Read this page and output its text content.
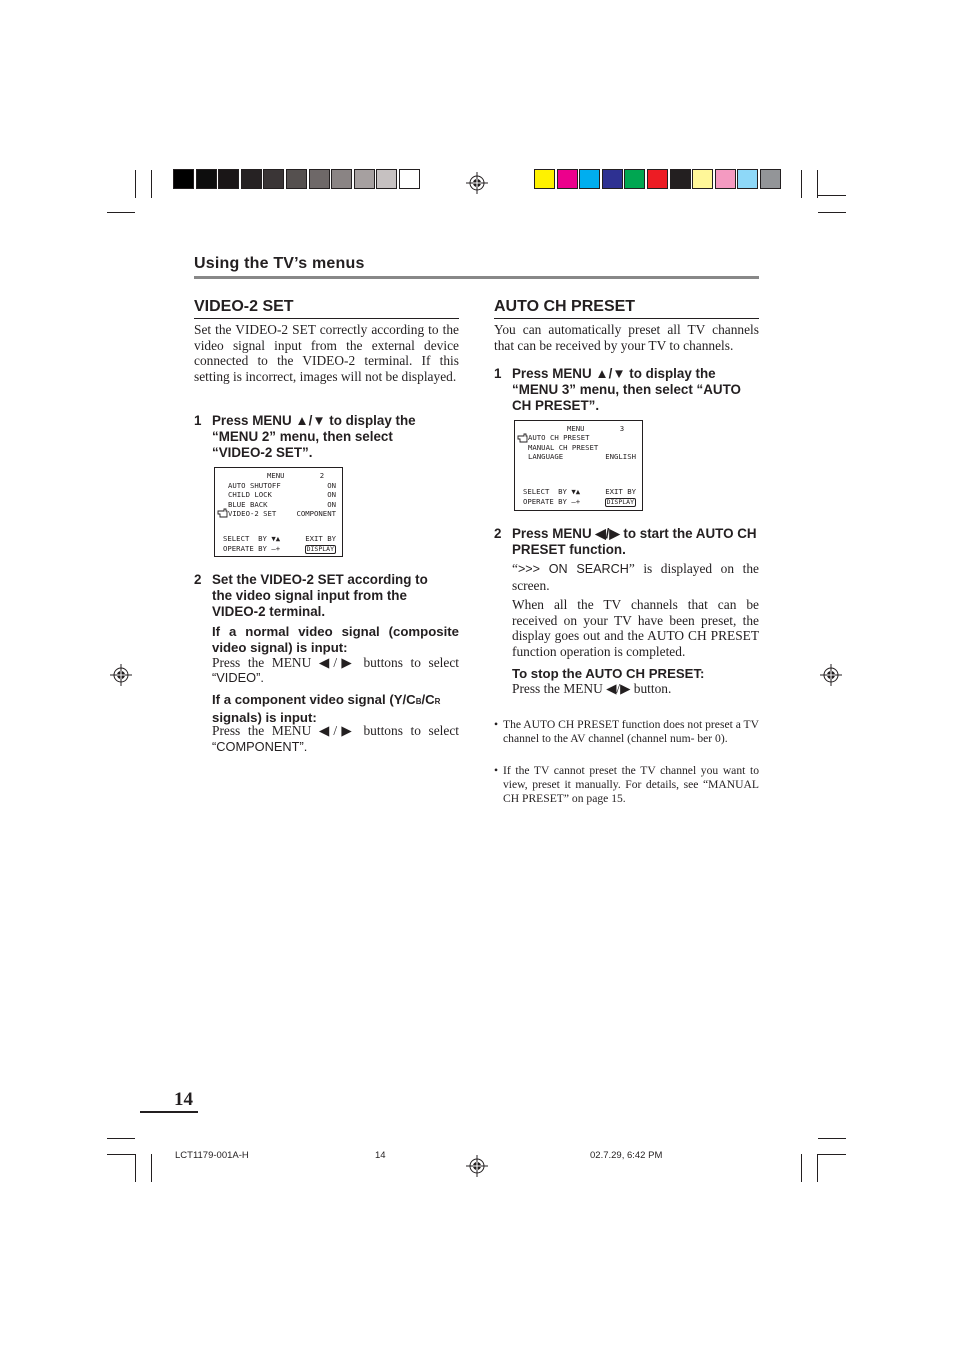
Using the TV’s menus
VIDEO-2 SET
Set the VIDEO-2 SET correctly according to the video signal input from the external device connected to the VIDEO-2 terminal. If this setting is incorrect, images will not be displayed.
1 Press MENU ▲/▼ to display the “MENU 2” menu, then select “VIDEO-2 SET”.
MENU        2
AUTO SHUTOFF	ON
CHILD LOCK	ON
BLUE BACK	ON
VIDEO-2 SET	COMPONENT
SELECT  BY ▼▲	EXIT BY
OPERATE BY –+	DISPLAY
2 Set the VIDEO-2 SET according to the video signal input from the VIDEO-2 terminal.
If a normal video signal (composite video signal) is input:
Press the MENU ◀/▶ buttons to select
“VIDEO”.
If a component video signal (Y/CB/CR
signals) is input:
Press the MENU ◀/▶ buttons to select
“COMPONENT”.
AUTO CH PRESET
You can automatically preset all TV channels that can be received by your TV to channels.
1 Press MENU ▲/▼ to display the “MENU 3” menu, then select “AUTO CH PRESET”.
MENU        3
AUTO CH PRESET
MANUAL CH PRESET
LANGUAGE	ENGLISH
SELECT  BY ▼▲	EXIT BY
OPERATE BY –+	DISPLAY
2 Press MENU ◀/▶ to start the AUTO CH PRESET function.
“>>> ON SEARCH” is displayed on the screen.
When all the TV channels that can be received on your TV have been preset, the display goes out and the AUTO CH PRESET function operation is completed.
To stop the AUTO CH PRESET:
Press the MENU ◀/▶ button.
• The AUTO CH PRESET function does not preset a TV channel to the AV channel (channel num- ber 0).
• If the TV cannot preset the TV channel you want to view, preset it manually. For details, see “MANUAL CH PRESET” on page 15.
14
LCT1179-001A-H	14	02.7.29, 6:42 PM
